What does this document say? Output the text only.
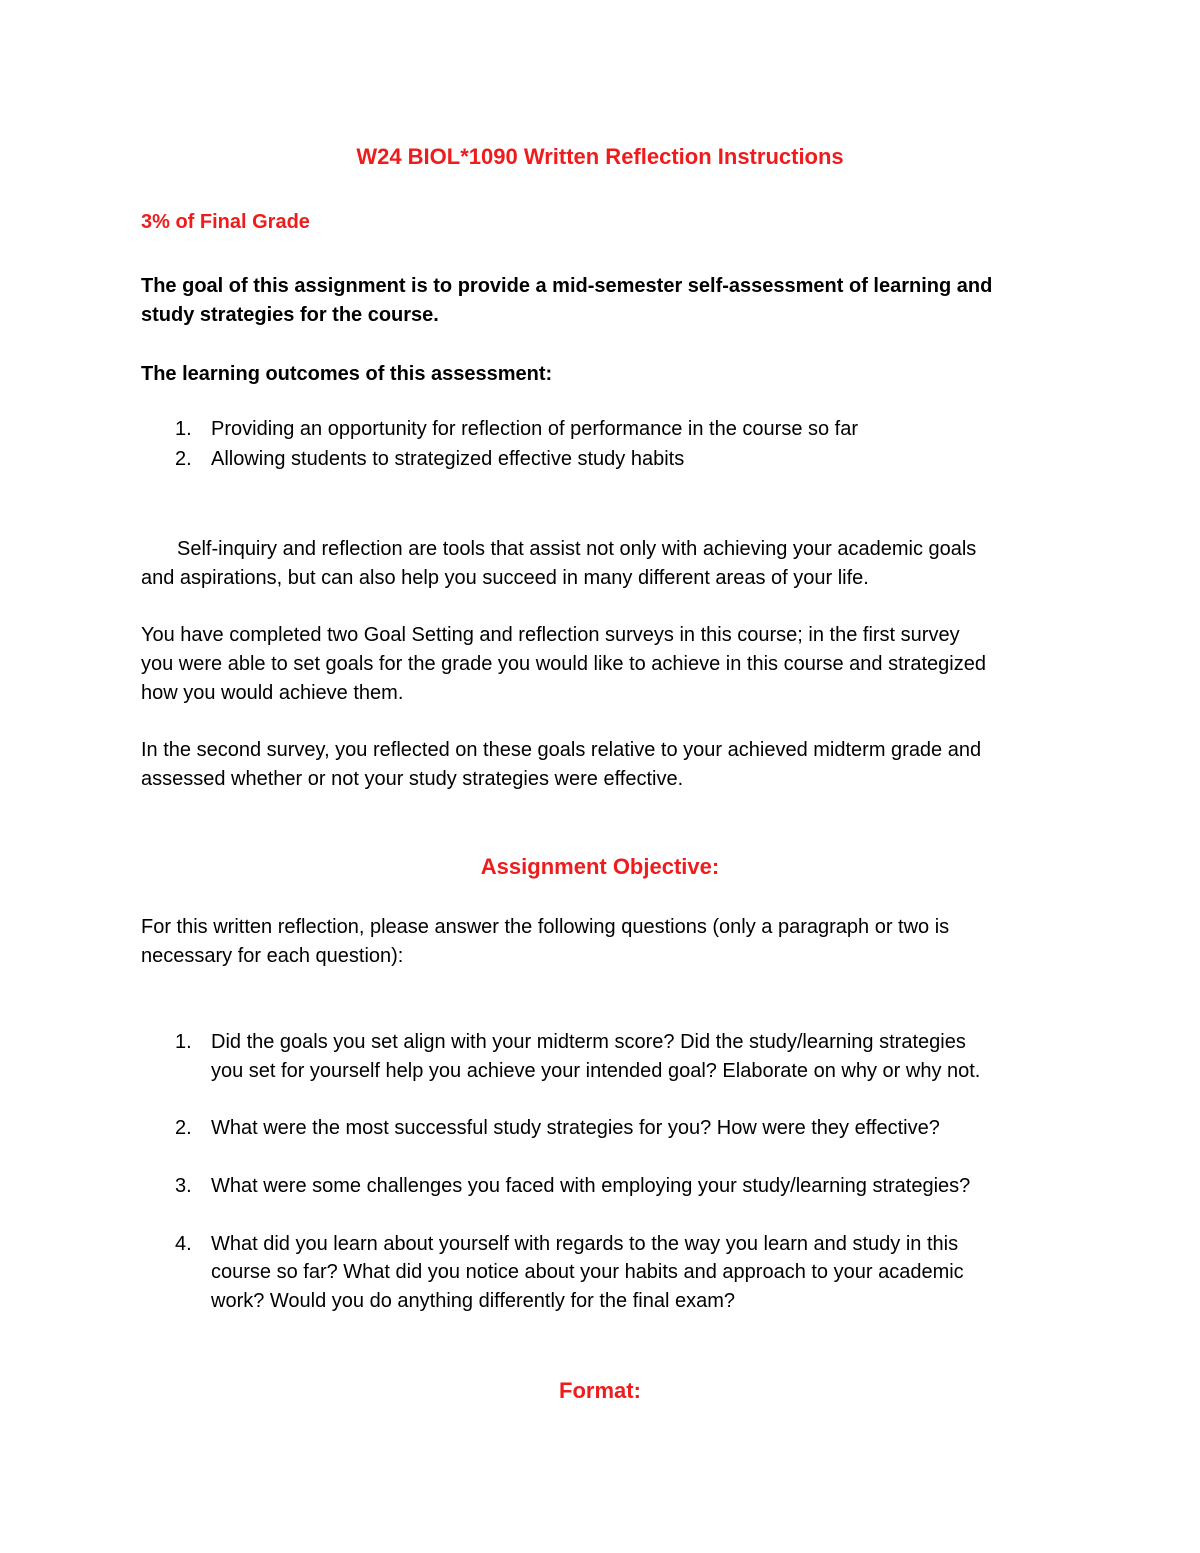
W24 BIOL*1090 Written Reflection Instructions
3% of Final Grade
The goal of this assignment is to provide a mid-semester self-assessment of learning and
study strategies for the course.
The learning outcomes of this assessment:
1. Providing an opportunity for reflection of performance in the course so far
2. Allowing students to strategized effective study habits
Self-inquiry and reflection are tools that assist not only with achieving your academic goals
and aspirations, but can also help you succeed in many different areas of your life.
You have completed two Goal Setting and reflection surveys in this course; in the first survey
you were able to set goals for the grade you would like to achieve in this course and strategized
how you would achieve them.
In the second survey, you reflected on these goals relative to your achieved midterm grade and
assessed whether or not your study strategies were effective.
Assignment Objective:
For this written reflection, please answer the following questions (only a paragraph or two is
necessary for each question):
1. Did the goals you set align with your midterm score? Did the study/learning strategies
you set for yourself help you achieve your intended goal? Elaborate on why or why not.
2. What were the most successful study strategies for you? How were they effective?
3. What were some challenges you faced with employing your study/learning strategies?
4. What did you learn about yourself with regards to the way you learn and study in this
course so far? What did you notice about your habits and approach to your academic
work? Would you do anything differently for the final exam?
Format:
